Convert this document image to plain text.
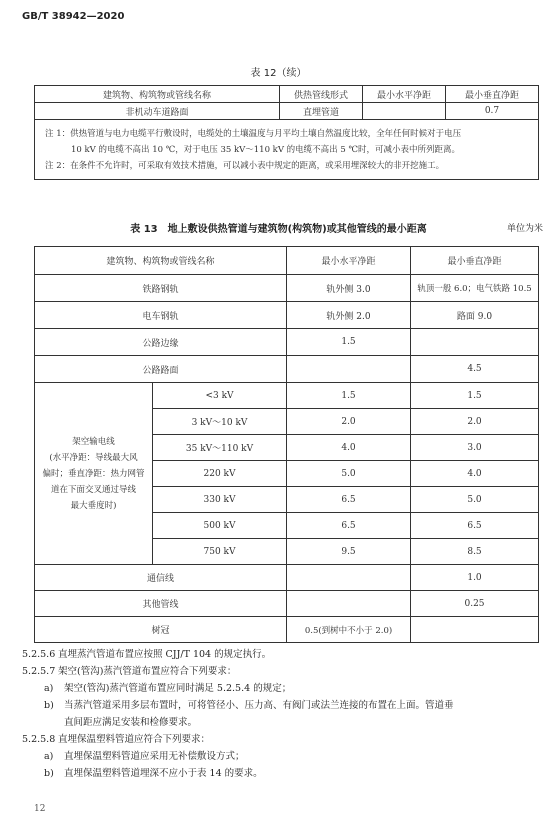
GB/T 38942—2020
表 12（续）
建筑物、构筑物或管线名称	供热管线形式	最小水平净距	最小垂直净距
非机动车道路面	直埋管道		0.7

注 1：供热管道与电力电缆平行敷设时，电缆处的土壤温度与月平均土壤自然温度比较，全年任何时候对于电压
10 kV 的电缆不高出 10 ℃，对于电压 35 kV～110 kV 的电缆不高出 5 ℃时，可减小表中所列距离。
注 2：在条件不允许时，可采取有效技术措施，可以减小表中规定的距离，或采用埋深较大的非开挖施工。			
表 13　地上敷设供热管道与建筑物(构筑物)或其他管线的最小距离	单位为米
建筑物、构筑物或管线名称		最小水平净距	最小垂直净距
铁路钢轨		轨外侧 3.0	轨顶一般 6.0；电气铁路 10.5
电车钢轨		轨外侧 2.0	路面 9.0
公路边缘		1.5	
公路路面			4.5

架空输电线
(水平净距：导线最大风
偏时；垂直净距：热力网管
道在下面交叉通过导线
最大垂度时)	<3 kV	1.5	1.5
	3 kV～10 kV	2.0	2.0
	35 kV～110 kV	4.0	3.0
	220 kV	5.0	4.0
	330 kV	6.5	5.0
	500 kV	6.5	6.5
	750 kV	9.5	8.5
通信线			1.0
其他管线			0.25
树冠		0.5(到树中不小于 2.0)	
5.2.5.6 直埋蒸汽管道布置应按照 CJJ/T 104 的规定执行。
5.2.5.7 架空(管沟)蒸汽管道布置应符合下列要求：
a) 架空(管沟)蒸汽管道布置应同时满足 5.2.5.4 的规定；
b) 当蒸汽管道采用多层布置时，可将管径小、压力高、有阀门或法兰连接的布置在上面。管道垂
直间距应满足安装和检修要求。
5.2.5.8 直埋保温塑料管道应符合下列要求：
a) 直埋保温塑料管道应采用无补偿敷设方式；
b) 直埋保温塑料管道埋深不应小于表 14 的要求。
12
